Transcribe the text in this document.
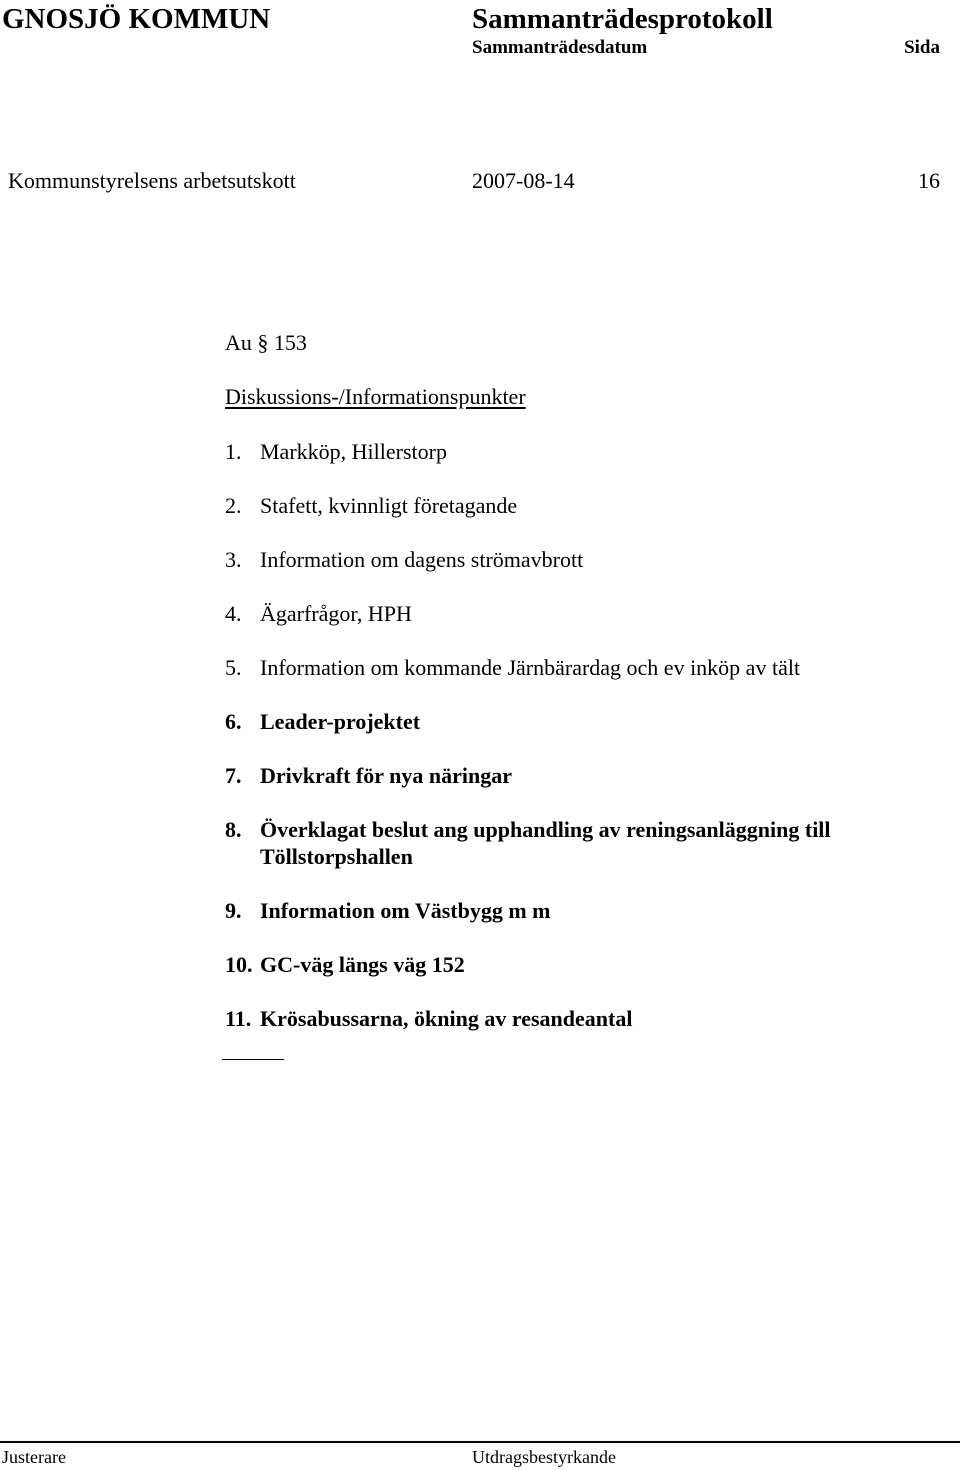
GNOSJÖ KOMMUN	Sammanträdesprotokoll
Sammanträdesdatum	Sida
Kommunstyrelsens arbetsutskott	2007-08-14	16
Au § 153
Diskussions-/Informationspunkter
1. Markköp, Hillerstorp
2. Stafett, kvinnligt företagande
3. Information om dagens strömavbrott
4. Ägarfrågor, HPH
5. Information om kommande Järnbärardag och ev inköp av tält
6. Leader-projektet
7. Drivkraft för nya näringar
8. Överklagat beslut ang upphandling av reningsanläggning till Töllstorpshallen
9. Information om Västbygg m m
10. GC-väg längs väg 152
11. Krösabussarna, ökning av resandeantal
Justerare	Utdragsbestyrkande
